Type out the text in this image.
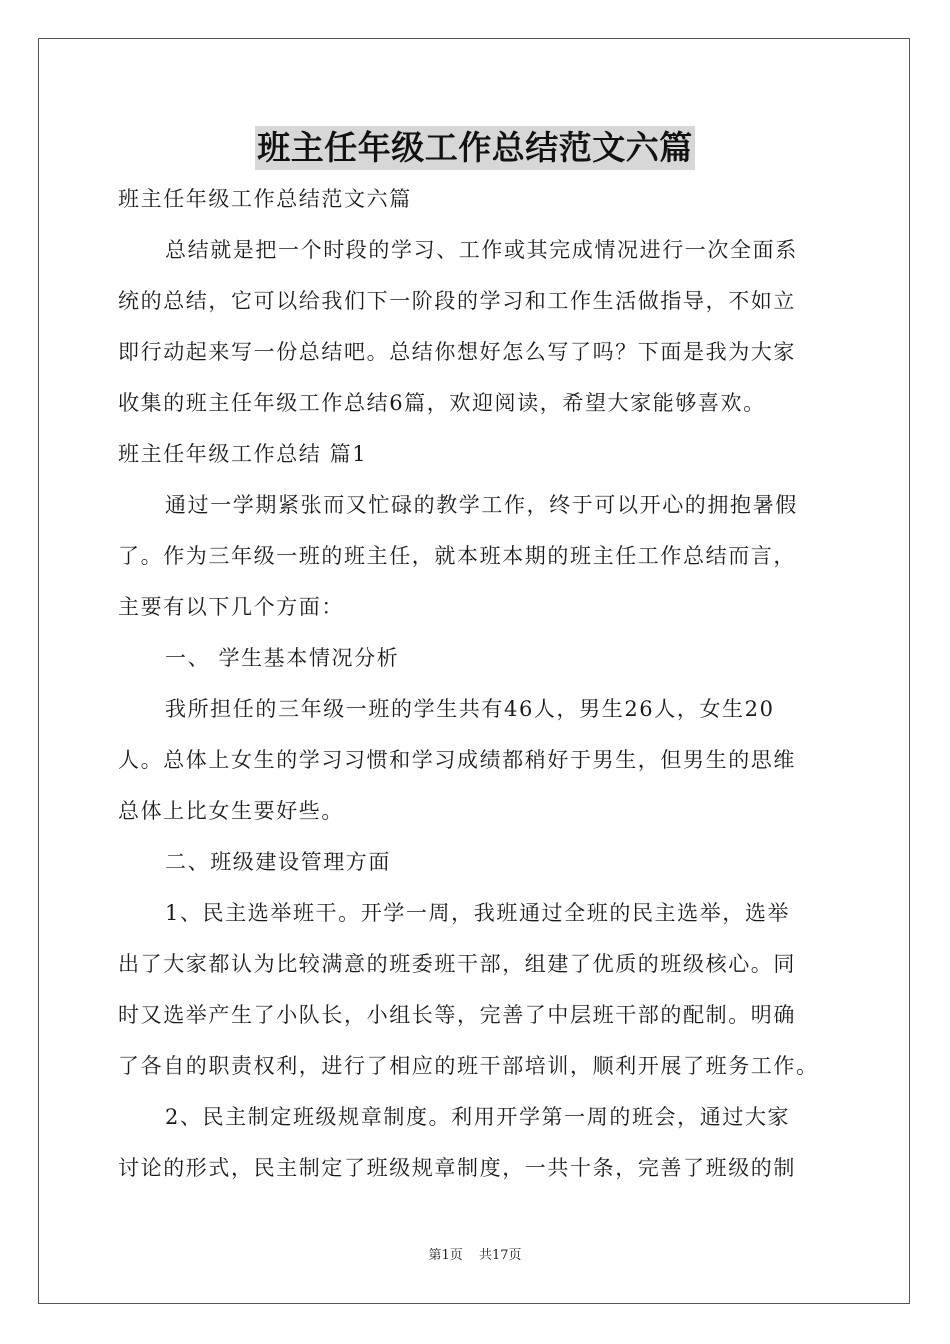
班主任年级工作总结范文六篇
班主任年级工作总结范文六篇
总结就是把一个时段的学习、工作或其完成情况进行一次全面系
统的总结，它可以给我们下一阶段的学习和工作生活做指导，不如立
即行动起来写一份总结吧。总结你想好怎么写了吗？下面是我为大家
收集的班主任年级工作总结6篇，欢迎阅读，希望大家能够喜欢。
班主任年级工作总结 篇1
通过一学期紧张而又忙碌的教学工作，终于可以开心的拥抱暑假
了。作为三年级一班的班主任，就本班本期的班主任工作总结而言，
主要有以下几个方面：
一、 学生基本情况分析
我所担任的三年级一班的学生共有46人，男生26人，女生20
人。总体上女生的学习习惯和学习成绩都稍好于男生，但男生的思维
总体上比女生要好些。
二、班级建设管理方面
1、民主选举班干。开学一周，我班通过全班的民主选举，选举
出了大家都认为比较满意的班委班干部，组建了优质的班级核心。同
时又选举产生了小队长，小组长等，完善了中层班干部的配制。明确
了各自的职责权利，进行了相应的班干部培训，顺利开展了班务工作。
2、民主制定班级规章制度。利用开学第一周的班会，通过大家
讨论的形式，民主制定了班级规章制度，一共十条，完善了班级的制
第1页 共17页
